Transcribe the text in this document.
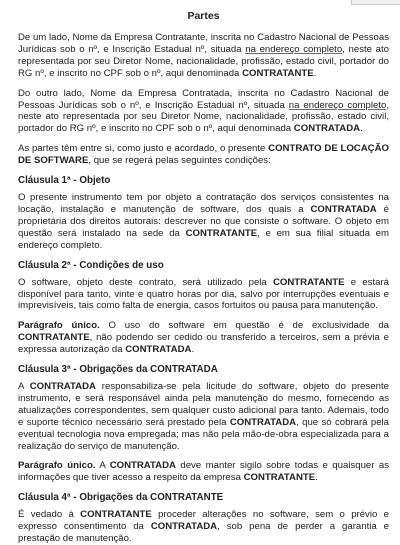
Partes

De um lado, Nome da Empresa Contratante, inscrita no Cadastro Nacional de Pessoas Jurídicas sob o nº, e Inscrição Estadual nº, situada na endereço completo, neste ato representada por seu Diretor Nome, nacionalidade, profissão, estado civil, portador do RG nº, e inscrito no CPF sob o nº, aqui denominada CONTRATANTE.

Do outro lado, Nome da Empresa Contratada, inscrita no Cadastro Nacional de Pessoas Jurídicas sob o nº, e Inscrição Estadual nº, situada na endereço completo, neste ato representada por seu Diretor Nome, nacionalidade, profissão, estado civil, portador do RG nº, e inscrito no CPF sob o nº, aqui denominada CONTRATADA.

As partes têm entre si, como justo e acordado, o presente CONTRATO DE LOCAÇÃO DE SOFTWARE, que se regerá pelas seguintes condições:

Cláusula 1ª - Objeto

O presente instrumento tem por objeto a contratação dos serviços consistentes na locação, instalação e manutenção de software, dos quais a CONTRATADA é proprietária dos direitos autorais: descrever no que consiste o software. O objeto em questão será instalado na sede da CONTRATANTE, e em sua filial situada em endereço completo.

Cláusula 2ª - Condições de uso

O software, objeto deste contrato, será utilizado pela CONTRATANTE e estará disponível para tanto, vinte e quatro horas por dia, salvo por interrupções eventuais e imprevisíveis, tais como falta de energia, casos fortuitos ou pausa para manutenção.

Parágrafo único. O uso do software em questão é de exclusividade da CONTRATANTE, não podendo ser cedido ou transferido a terceiros, sem a prévia e expressa autorização da CONTRATADA.

Cláusula 3ª - Obrigações da CONTRATADA

A CONTRATADA responsabiliza-se pela licitude do software, objeto do presente instrumento, e será responsável ainda pela manutenção do mesmo, fornecendo as atualizações correspondentes, sem qualquer custo adicional para tanto. Ademais, todo e suporte técnico necessário será prestado pela CONTRATADA, que só cobrará pela eventual tecnologia nova empregada; mas não pela mão-de-obra especializada para a realização do serviço de manutenção.

Parágrafo único. A CONTRATADA deve manter sigilo sobre todas e quaisquer as informações que tiver acesso a respeito da empresa CONTRATANTE.

Cláusula 4ª - Obrigações da CONTRATANTE

É vedado à CONTRATANTE proceder alterações no software, sem o prévio e expresso consentimento da CONTRATADA, sob pena de perder a garantia e prestação de manutenção.
